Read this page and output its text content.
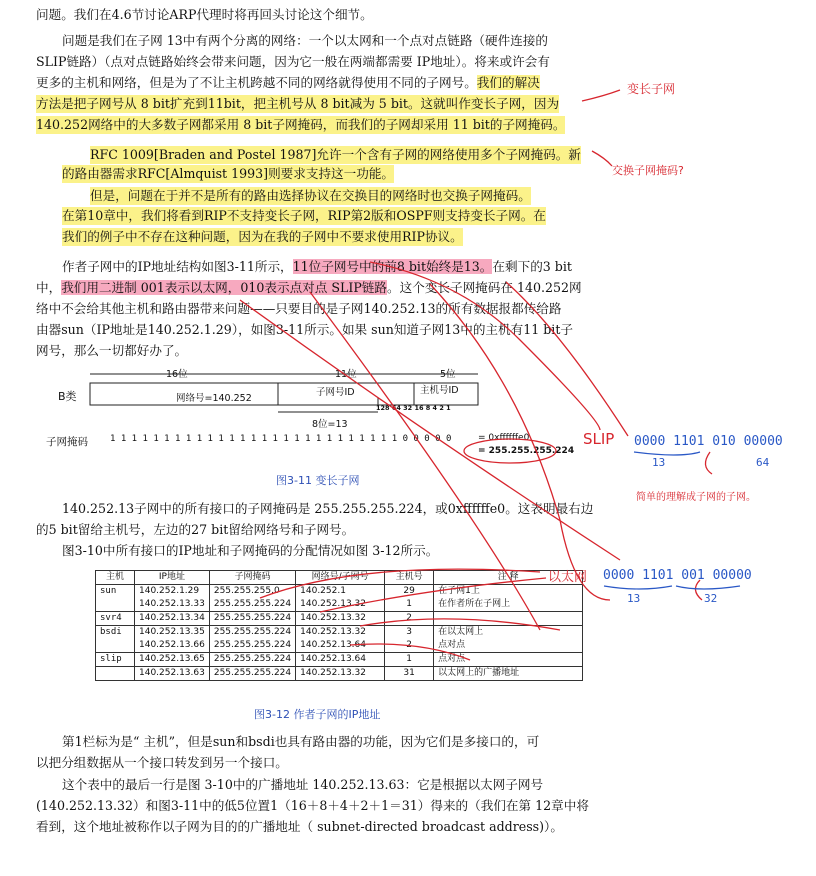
问题。我们在4.6节讨论ARP代理时将再回头讨论这个细节。
问题是我们在子网 13中有两个分离的网络：一个以太网和一个点对点链路（硬件连接的
SLIP链路）（点对点链路始终会带来问题，因为它一般在两端都需要 IP地址）。将来或许会有
更多的主机和网络，但是为了不让主机跨越不同的网络就得使用不同的子网号。我们的解决
方法是把子网号从 8 bit扩充到11bit，把主机号从 8 bit减为 5 bit。这就叫作变长子网，因为
140.252网络中的大多数子网都采用 8 bit子网掩码，而我们的子网却采用 11 bit的子网掩码。
RFC 1009[Braden and Postel 1987]允许一个含有子网的网络使用多个子网掩码。新
的路由器需求RFC[Almquist 1993]则要求支持这一功能。
但是，问题在于并不是所有的路由选择协议在交换目的网络时也交换子网掩码。
在第10章中，我们将看到RIP不支持变长子网，RIP第2版和OSPF则支持变长子网。在
我们的例子中不存在这种问题，因为在我的子网中不要求使用RIP协议。
作者子网中的IP地址结构如图3-11所示，11位子网号中的前8 bit始终是13。在剩下的3 bit
中，我们用二进制 001表示以太网，010表示点对点 SLIP链路。这个变长子网掩码在 140.252网
络中不会给其他主机和路由器带来问题——只要目的是子网140.252.13的所有数据报都传给路
由器sun（IP地址是140.252.1.29），如图3-11所示。如果 sun知道子网13中的主机有11 bit子
网号，那么一切都好办了。
B类
16位	11位	5位
网络号=140.252
子网号ID	主机号ID
128 64 32 16 8 4 2 1
8位=13
子网掩码 1 1 1 1 1 1 1 1 1 1 1 1 1 1 1 1 1 1 1 1 1 1 1 1 1 1 1 0 0 0 0 0	= 0xffffffe0
= 255.255.255.224
图3-11 变长子网
140.252.13子网中的所有接口的子网掩码是 255.255.255.224，或0xffffffe0。这表明最右边
的5 bit留给主机号，左边的27 bit留给网络号和子网号。
图3-10中所有接口的IP地址和子网掩码的分配情况如图 3-12所示。
主机	IP地址	子网掩码	网络号/子网号	主机号	注 释
sun	140.252.1.29	255.255.255.0	140.252.1	29	在子网1上
	140.252.13.33	255.255.255.224	140.252.13.32	1	在作者所在子网上
svr4	140.252.13.34	255.255.255.224	140.252.13.32	2	
bsdi	140.252.13.35	255.255.255.224	140.252.13.32	3	在以太网上
	140.252.13.66	255.255.255.224	140.252.13.64	2	点对点
slip	140.252.13.65	255.255.255.224	140.252.13.64	1	点对点
	140.252.13.63	255.255.255.224	140.252.13.32	31	以太网上的广播地址
图3-12 作者子网的IP地址
第1栏标为是“ 主机”，但是sun和bsdi也具有路由器的功能，因为它们是多接口的，可
以把分组数据从一个接口转发到另一个接口。
这个表中的最后一行是图 3-10中的广播地址 140.252.13.63：它是根据以太网子网号
(140.252.13.32）和图3-11中的低5位置1（16＋8＋4＋2＋1＝31）得来的（我们在第 12章中将
看到，这个地址被称作以子网为目的的广播地址（ subnet-directed broadcast address)）。
变长子网
交换子网掩码?
SLIP 0000 1101 010 00000
13	64
简单的理解成子网的子网。
以太网 0000 1101 001 00000
13	32
